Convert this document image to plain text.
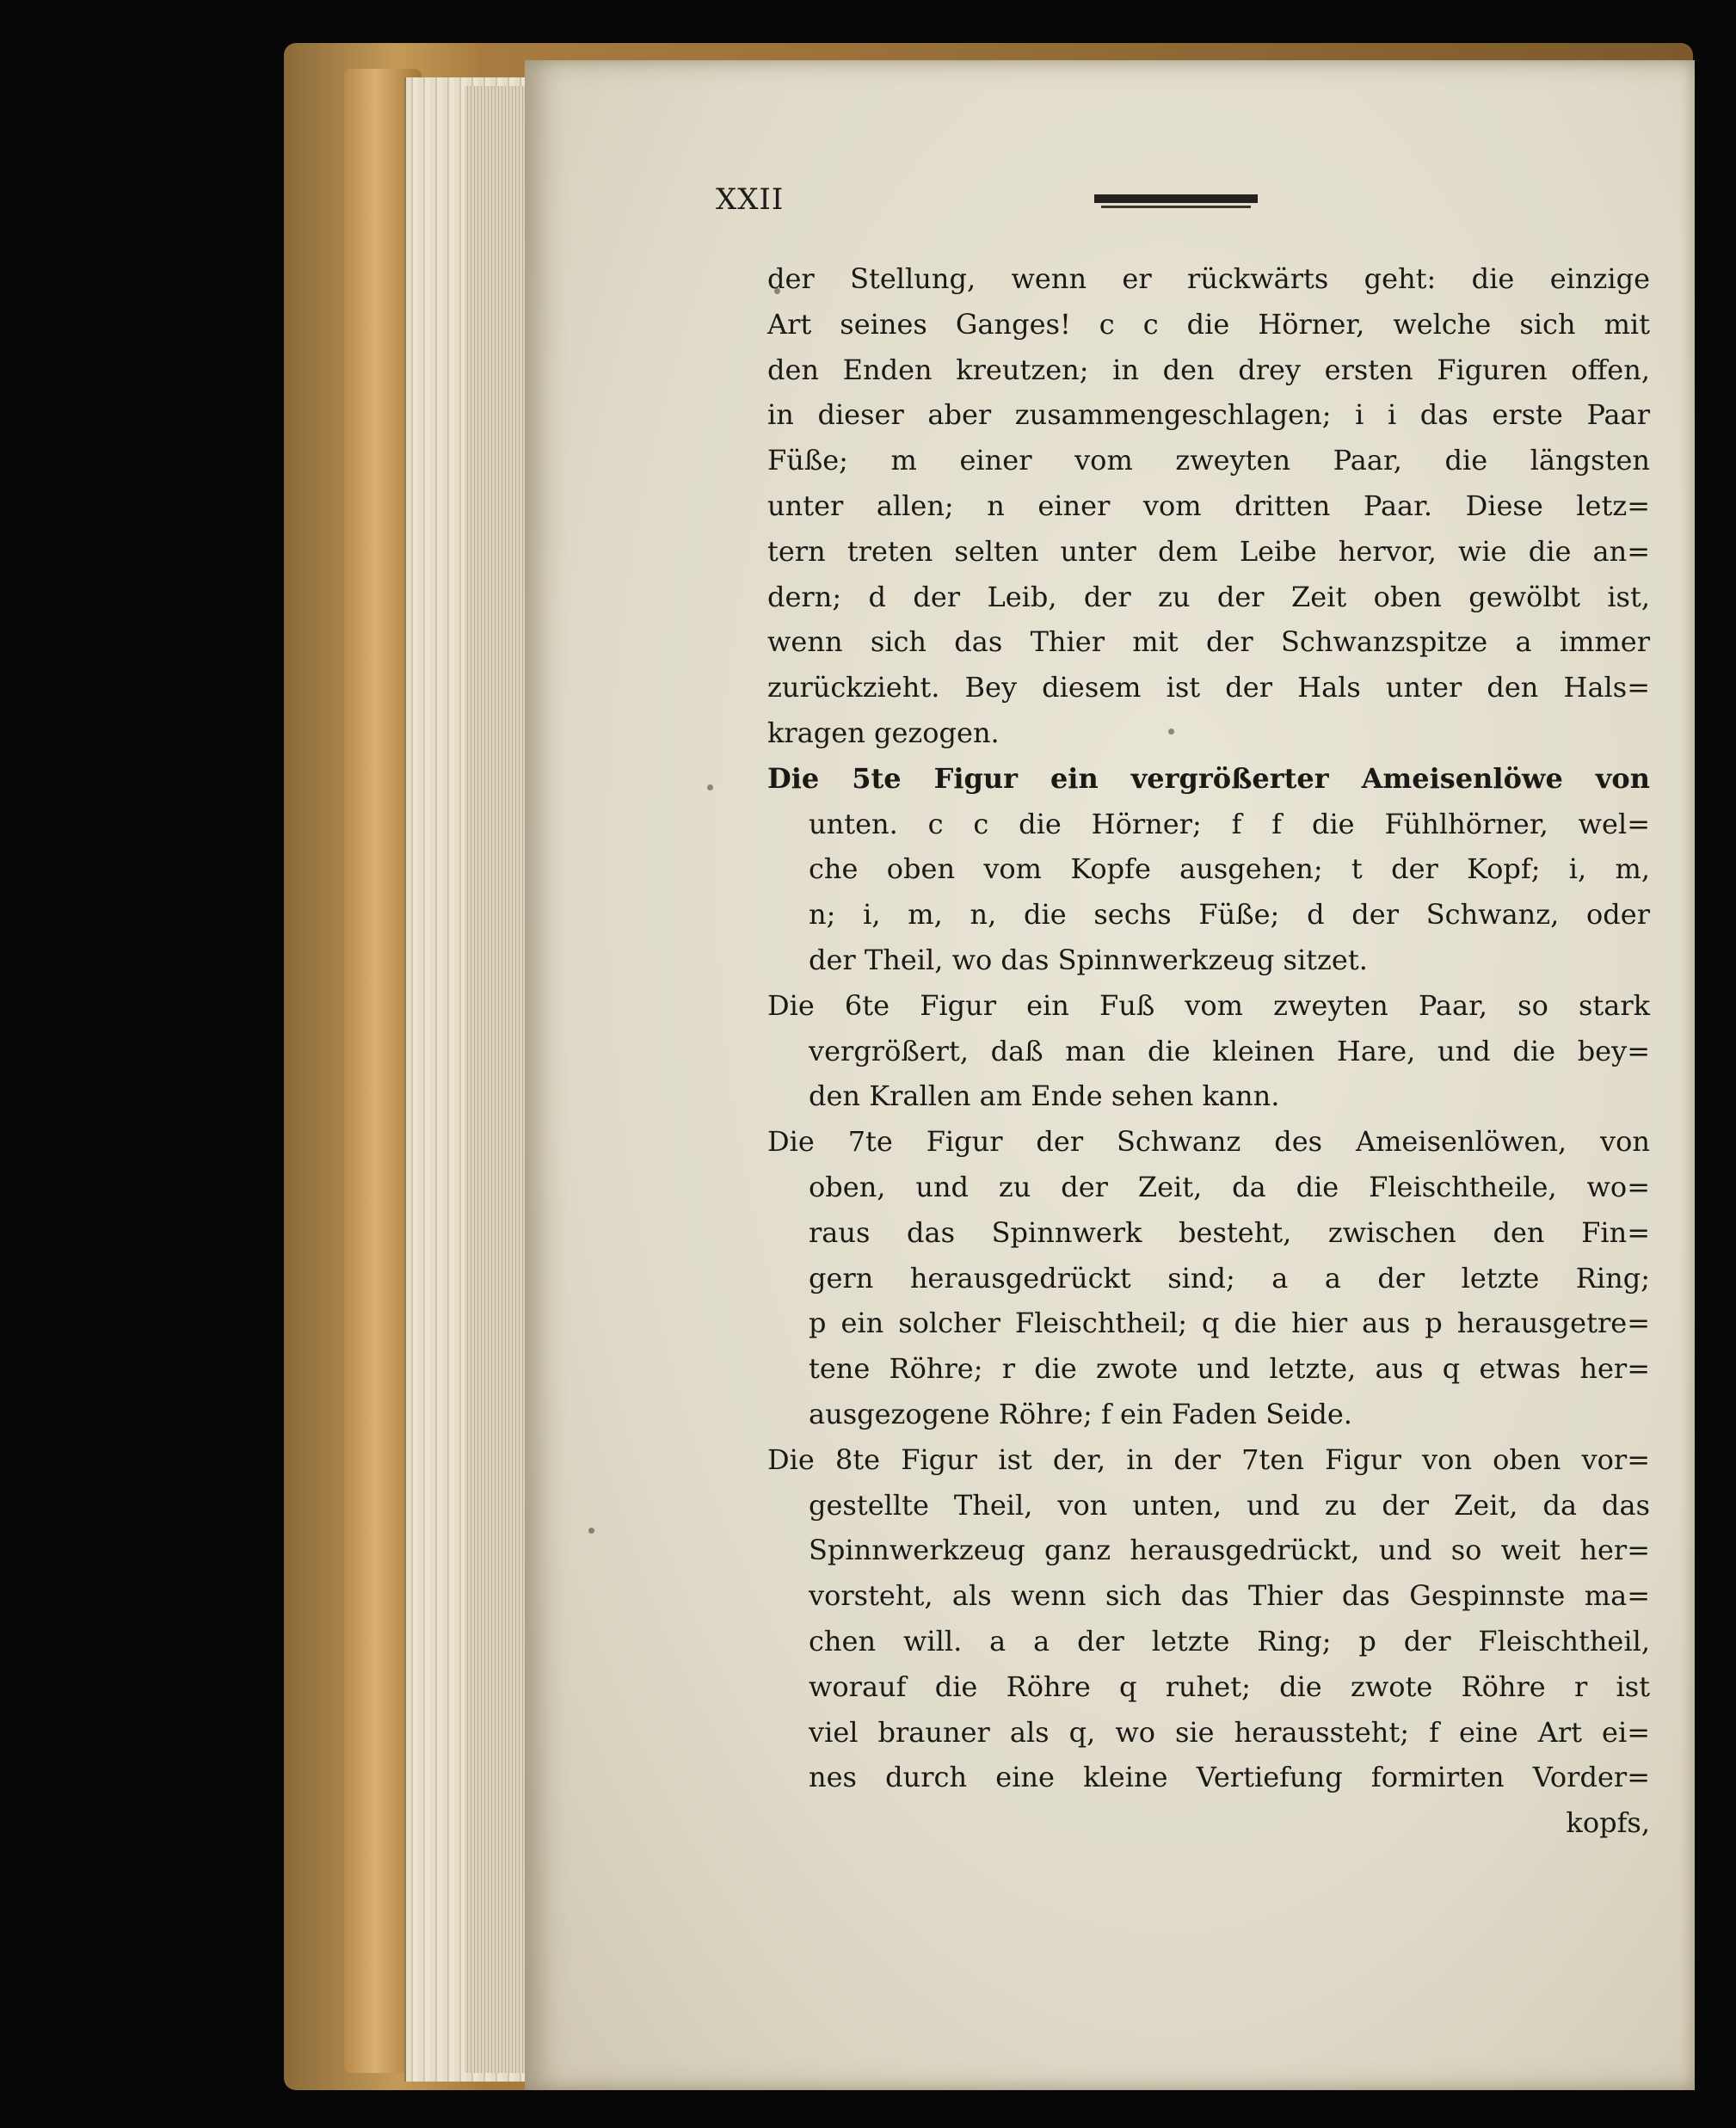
XXII
der Stellung, wenn er rückwärts geht: die einzige
Art seines Ganges! c c die Hörner, welche sich mit
den Enden kreutzen; in den drey ersten Figuren offen,
in dieser aber zusammengeschlagen; i i das erste Paar
Füße; m einer vom zweyten Paar, die längsten
unter allen; n einer vom dritten Paar. Diese letz=
tern treten selten unter dem Leibe hervor, wie die an=
dern; d der Leib, der zu der Zeit oben gewölbt ist,
wenn sich das Thier mit der Schwanzspitze a immer
zurückzieht. Bey diesem ist der Hals unter den Hals=
kragen gezogen.
Die 5te Figur ein vergrößerter Ameisenlöwe von
unten. c c die Hörner; f f die Fühlhörner, wel=
che oben vom Kopfe ausgehen; t der Kopf; i, m,
n; i, m, n, die sechs Füße; d der Schwanz, oder
der Theil, wo das Spinnwerkzeug sitzet.
Die 6te Figur ein Fuß vom zweyten Paar, so stark
vergrößert, daß man die kleinen Hare, und die bey=
den Krallen am Ende sehen kann.
Die 7te Figur der Schwanz des Ameisenlöwen, von
oben, und zu der Zeit, da die Fleischtheile, wo=
raus das Spinnwerk besteht, zwischen den Fin=
gern herausgedrückt sind; a a der letzte Ring;
p ein solcher Fleischtheil; q die hier aus p herausgetre=
tene Röhre; r die zwote und letzte, aus q etwas her=
ausgezogene Röhre; f ein Faden Seide.
Die 8te Figur ist der, in der 7ten Figur von oben vor=
gestellte Theil, von unten, und zu der Zeit, da das
Spinnwerkzeug ganz herausgedrückt, und so weit her=
vorsteht, als wenn sich das Thier das Gespinnste ma=
chen will. a a der letzte Ring; p der Fleischtheil,
worauf die Röhre q ruhet; die zwote Röhre r ist
viel brauner als q, wo sie heraussteht; f eine Art ei=
nes durch eine kleine Vertiefung formirten Vorder=
kopfs,
